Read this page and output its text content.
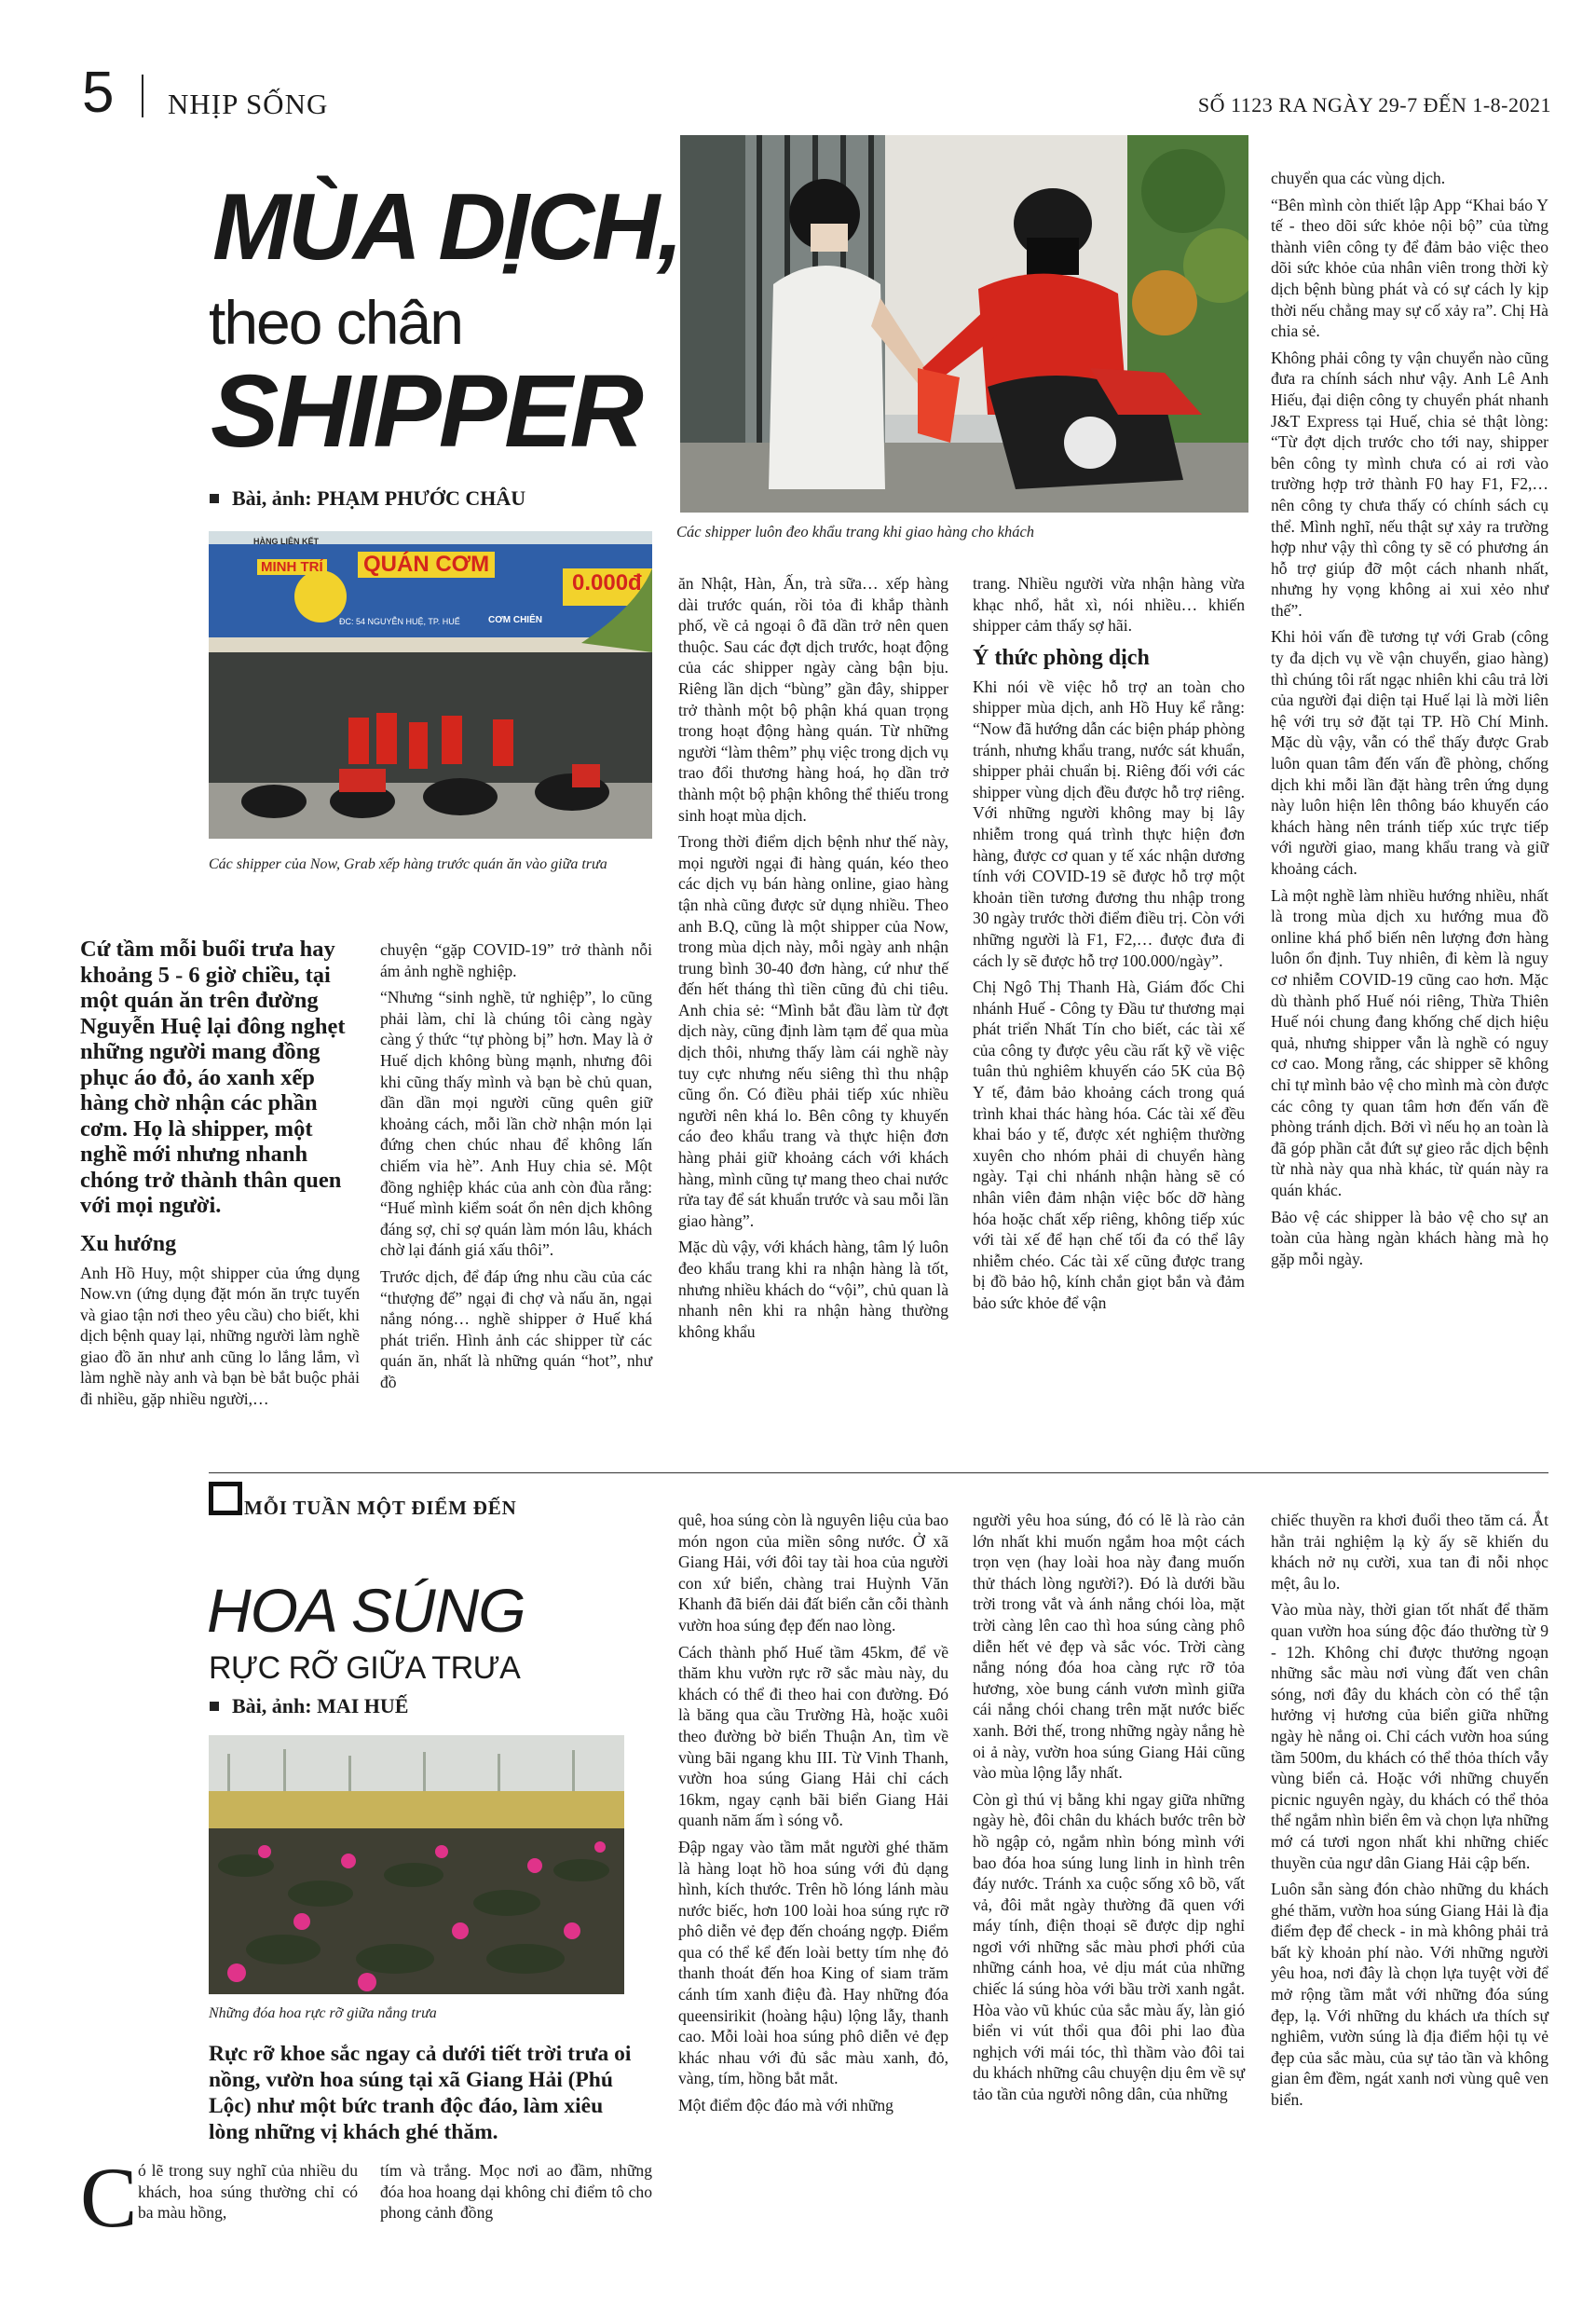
5 NHỊP SỐNG	SỐ 1123 RA NGÀY 29-7 ĐẾN 1-8-2021
MÙA DỊCH,
theo chân
SHIPPER
Bài, ảnh: PHẠM PHƯỚC CHÂU
Các shipper luôn đeo khẩu trang khi giao hàng cho khách
HÀNG LIÊN KẾT
MINH TRÍ QUÁN CƠM
ĐC: 54 NGUYỄN HUỆ, TP. HUẾ	CƠM CHIÊN
0.000đ
Các shipper của Now, Grab xếp hàng trước quán ăn vào giữa trưa

Cứ tầm mỗi buổi trưa hay khoảng 5 - 6 giờ chiều, tại một quán ăn trên đường Nguyễn Huệ lại đông nghẹt những người mang đồng phục áo đỏ, áo xanh xếp hàng chờ nhận các phần cơm. Họ là shipper, một nghề mới nhưng nhanh chóng trở thành thân quen với mọi người.

Xu hướng

Anh Hồ Huy, một shipper của ứng dụng Now.vn (ứng dụng đặt món ăn trực tuyến và giao tận nơi theo yêu cầu) cho biết, khi dịch bệnh quay lại, những người làm nghề giao đồ ăn như anh cũng lo lắng lắm, vì làm nghề này anh và bạn bè bắt buộc phải đi nhiều, gặp nhiều người,…

chuyện “gặp COVID-19” trở thành nỗi ám ảnh nghề nghiệp.

“Nhưng “sinh nghề, tử nghiệp”, lo cũng phải làm, chỉ là chúng tôi càng ngày càng ý thức “tự phòng bị” hơn. May là ở Huế dịch không bùng mạnh, nhưng đôi khi cũng thấy mình và bạn bè chủ quan, dần dần mọi người cũng quên giữ khoảng cách, mỗi lần chờ nhận món lại đứng chen chúc nhau để không lấn chiếm vỉa hè”. Anh Huy chia sẻ. Một đồng nghiệp khác của anh còn đùa rằng: “Huế mình kiểm soát ổn nên dịch không đáng sợ, chỉ sợ quán làm món lâu, khách chờ lại đánh giá xấu thôi”.

Trước dịch, để đáp ứng nhu cầu của các “thượng đế” ngại đi chợ và nấu ăn, ngại nắng nóng… nghề shipper ở Huế khá phát triển. Hình ảnh các shipper từ các quán ăn, nhất là những quán “hot”, như đồ

ăn Nhật, Hàn, Ấn, trà sữa… xếp hàng dài trước quán, rồi tỏa đi khắp thành phố, về cả ngoại ô đã dần trở nên quen thuộc. Sau các đợt dịch trước, hoạt động của các shipper ngày càng bận bịu. Riêng lần dịch “bùng” gần đây, shipper trở thành một bộ phận khá quan trọng trong hoạt động hàng quán. Từ những người “làm thêm” phụ việc trong dịch vụ trao đổi thương hàng hoá, họ dần trở thành một bộ phận không thể thiếu trong sinh hoạt mùa dịch.

Trong thời điểm dịch bệnh như thế này, mọi người ngại đi hàng quán, kéo theo các dịch vụ bán hàng online, giao hàng tận nhà cũng được sử dụng nhiều. Theo anh B.Q, cũng là một shipper của Now, trong mùa dịch này, mỗi ngày anh nhận trung bình 30-40 đơn hàng, cứ như thế đến hết tháng thì tiền cũng đủ chi tiêu. Anh chia sẻ: “Mình bắt đầu làm từ đợt dịch này, cũng định làm tạm để qua mùa dịch thôi, nhưng thấy làm cái nghề này tuy cực nhưng nếu siêng thì thu nhập cũng ổn. Có điều phải tiếp xúc nhiều người nên khá lo. Bên công ty khuyến cáo đeo khẩu trang và thực hiện đơn hàng phải giữ khoảng cách với khách hàng, mình cũng tự mang theo chai nước rửa tay để sát khuẩn trước và sau mỗi lần giao hàng”.

Mặc dù vậy, với khách hàng, tâm lý luôn đeo khẩu trang khi ra nhận hàng là tốt, nhưng nhiều khách do “vội”, chủ quan là nhanh nên khi ra nhận hàng thường không khẩu

trang. Nhiều người vừa nhận hàng vừa khạc nhổ, hắt xì, nói nhiều… khiến shipper cảm thấy sợ hãi.

Ý thức phòng dịch

Khi nói về việc hỗ trợ an toàn cho shipper mùa dịch, anh Hồ Huy kể rằng: “Now đã hướng dẫn các biện pháp phòng tránh, nhưng khẩu trang, nước sát khuẩn, shipper phải chuẩn bị. Riêng đối với các shipper vùng dịch đều được hỗ trợ riêng. Với những người không may bị lây nhiễm trong quá trình thực hiện đơn hàng, được cơ quan y tế xác nhận dương tính với COVID-19 sẽ được hỗ trợ một khoản tiền tương đương thu nhập trong 30 ngày trước thời điểm điều trị. Còn với những người là F1, F2,… được đưa đi cách ly sẽ được hỗ trợ 100.000/ngày”.

Chị Ngô Thị Thanh Hà, Giám đốc Chi nhánh Huế - Công ty Đầu tư thương mại phát triển Nhất Tín cho biết, các tài xế của công ty được yêu cầu rất kỹ về việc tuân thủ nghiêm khuyến cáo 5K của Bộ Y tế, đảm bảo khoảng cách trong quá trình khai thác hàng hóa. Các tài xế đều khai báo y tế, được xét nghiệm thường xuyên cho nhóm phải di chuyển hàng ngày. Tại chi nhánh nhận hàng sẽ có nhân viên đảm nhận việc bốc dỡ hàng hóa hoặc chất xếp riêng, không tiếp xúc với tài xế để hạn chế tối đa có thể lây nhiễm chéo. Các tài xế cũng được trang bị đồ bảo hộ, kính chắn giọt bắn và đảm bảo sức khỏe để vận

chuyển qua các vùng dịch.

“Bên mình còn thiết lập App “Khai báo Y tế - theo dõi sức khỏe nội bộ” của từng thành viên công ty để đảm bảo việc theo dõi sức khỏe của nhân viên trong thời kỳ dịch bệnh bùng phát và có sự cách ly kịp thời nếu chẳng may sự cố xảy ra”. Chị Hà chia sẻ.

Không phải công ty vận chuyển nào cũng đưa ra chính sách như vậy. Anh Lê Anh Hiếu, đại diện công ty chuyển phát nhanh J&T Express tại Huế, chia sẻ thật lòng: “Từ đợt dịch trước cho tới nay, shipper bên công ty mình chưa có ai rơi vào trường hợp trở thành F0 hay F1, F2,… nên công ty chưa thấy có chính sách cụ thể. Mình nghĩ, nếu thật sự xảy ra trường hợp như vậy thì công ty sẽ có phương án hỗ trợ giúp đỡ một cách nhanh nhất, nhưng hy vọng không ai xui xẻo như thế”.

Khi hỏi vấn đề tương tự với Grab (công ty đa dịch vụ về vận chuyển, giao hàng) thì chúng tôi rất ngạc nhiên khi câu trả lời của người đại diện tại Huế lại là mời liên hệ với trụ sở đặt tại TP. Hồ Chí Minh. Mặc dù vậy, vẫn có thể thấy được Grab luôn quan tâm đến vấn đề phòng, chống dịch khi mỗi lần đặt hàng trên ứng dụng này luôn hiện lên thông báo khuyến cáo khách hàng nên tránh tiếp xúc trực tiếp với người giao, mang khẩu trang và giữ khoảng cách.

Là một nghề làm nhiều hướng nhiều, nhất là trong mùa dịch xu hướng mua đồ online khá phổ biến nên lượng đơn hàng luôn ổn định. Tuy nhiên, đi kèm là nguy cơ nhiễm COVID-19 cũng cao hơn. Mặc dù thành phố Huế nói riêng, Thừa Thiên Huế nói chung đang khống chế dịch hiệu quả, nhưng shipper vẫn là nghề có nguy cơ cao. Mong rằng, các shipper sẽ không chỉ tự mình bảo vệ cho mình mà còn được các công ty quan tâm hơn đến vấn đề phòng tránh dịch. Bởi vì nếu họ an toàn là đã góp phần cắt đứt sự gieo rắc dịch bệnh từ nhà này qua nhà khác, từ quán này ra quán khác.

Bảo vệ các shipper là bảo vệ cho sự an toàn của hàng ngàn khách hàng mà họ gặp mỗi ngày.

MỖI TUẦN MỘT ĐIỂM ĐẾN
HOA SÚNG
RỰC RỠ GIỮA TRƯA
Bài, ảnh: MAI HUẾ
Những đóa hoa rực rỡ giữa nắng trưa

Rực rỡ khoe sắc ngay cả dưới tiết trời trưa oi nồng, vườn hoa súng tại xã Giang Hải (Phú Lộc) như một bức tranh độc đáo, làm xiêu lòng những vị khách ghé thăm.

C ó lẽ trong suy nghĩ của nhiều du khách, hoa súng thường chỉ có ba màu hồng,

tím và trắng. Mọc nơi ao đầm, những đóa hoa hoang dại không chỉ điểm tô cho phong cảnh đồng

quê, hoa súng còn là nguyên liệu của bao món ngon của miền sông nước. Ở xã Giang Hải, với đôi tay tài hoa của người con xứ biển, chàng trai Huỳnh Văn Khanh đã biến dải đất biển cằn cỗi thành vườn hoa súng đẹp đến nao lòng.

Cách thành phố Huế tầm 45km, để về thăm khu vườn rực rỡ sắc màu này, du khách có thể đi theo hai con đường. Đó là băng qua cầu Trường Hà, hoặc xuôi theo đường bờ biển Thuận An, tìm về vùng bãi ngang khu III. Từ Vinh Thanh, vườn hoa súng Giang Hải chỉ cách 16km, ngay cạnh bãi biển Giang Hải quanh năm ấm ì sóng vỗ.

Đập ngay vào tầm mắt người ghé thăm là hàng loạt hồ hoa súng với đủ dạng hình, kích thước. Trên hồ lóng lánh màu nước biếc, hơn 100 loài hoa súng rực rỡ phô diễn vẻ đẹp đến choáng ngợp. Điểm qua có thể kể đến loài betty tím nhẹ đỏ thanh thoát đến hoa King of siam trăm cánh tím xanh điệu đà. Hay những đóa queensirikit (hoàng hậu) lộng lẫy, thanh cao. Mỗi loài hoa súng phô diễn vẻ đẹp khác nhau với đủ sắc màu xanh, đỏ, vàng, tím, hồng bắt mắt.

Một điểm độc đáo mà với những

người yêu hoa súng, đó có lẽ là rào cản lớn nhất khi muốn ngắm hoa một cách trọn vẹn (hay loài hoa này đang muốn thử thách lòng người?). Đó là dưới bầu trời trong vắt và ánh nắng chói lòa, mặt trời càng lên cao thì hoa súng càng phô diễn hết vẻ đẹp và sắc vóc. Trời càng nắng nóng đóa hoa càng rực rỡ tỏa hương, xòe bung cánh vươn mình giữa cái nắng chói chang trên mặt nước biếc xanh. Bởi thế, trong những ngày nắng hè oi ả này, vườn hoa súng Giang Hải cũng vào mùa lộng lẫy nhất.

Còn gì thú vị bằng khi ngay giữa những ngày hè, đôi chân du khách bước trên bờ hồ ngập cỏ, ngắm nhìn bóng mình với bao đóa hoa súng lung linh in hình trên đáy nước. Tránh xa cuộc sống xô bồ, vất vả, đôi mắt ngày thường đã quen với máy tính, điện thoại sẽ được dịp nghỉ ngơi với những sắc màu phơi phới của những cánh hoa, vẻ dịu mát của những chiếc lá súng hòa với bầu trời xanh ngắt. Hòa vào vũ khúc của sắc màu ấy, làn gió biển vi vút thổi qua đôi phi lao đùa nghịch với mái tóc, thì thầm vào đôi tai du khách những câu chuyện dịu êm về sự tảo tần của người nông dân, của những

chiếc thuyền ra khơi đuổi theo tăm cá. Ắt hẳn trải nghiệm lạ kỳ ấy sẽ khiến du khách nở nụ cười, xua tan đi nỗi nhọc mệt, âu lo.

Vào mùa này, thời gian tốt nhất để thăm quan vườn hoa súng độc đáo thường từ 9 - 12h. Không chỉ được thưởng ngoạn những sắc màu nơi vùng đất ven chân sóng, nơi đây du khách còn có thể tận hưởng vị hương của biển giữa những ngày hè nắng oi. Chỉ cách vườn hoa súng tầm 500m, du khách có thể thỏa thích vẫy vùng biển cả. Hoặc với những chuyến picnic nguyên ngày, du khách có thể thỏa thể ngắm nhìn biển êm và chọn lựa những mớ cá tươi ngon nhất khi những chiếc thuyền của ngư dân Giang Hải cập bến.

Luôn sẵn sàng đón chào những du khách ghé thăm, vườn hoa súng Giang Hải là địa điểm đẹp để check - in mà không phải trả bất kỳ khoản phí nào. Với những người yêu hoa, nơi đây là chọn lựa tuyệt vời để mở rộng tầm mắt với những đóa súng đẹp, lạ. Với những du khách ưa thích sự nghiêm, vườn súng là địa điểm hội tụ vẻ đẹp của sắc màu, của sự tảo tần và không gian êm đềm, ngát xanh nơi vùng quê ven biển.
